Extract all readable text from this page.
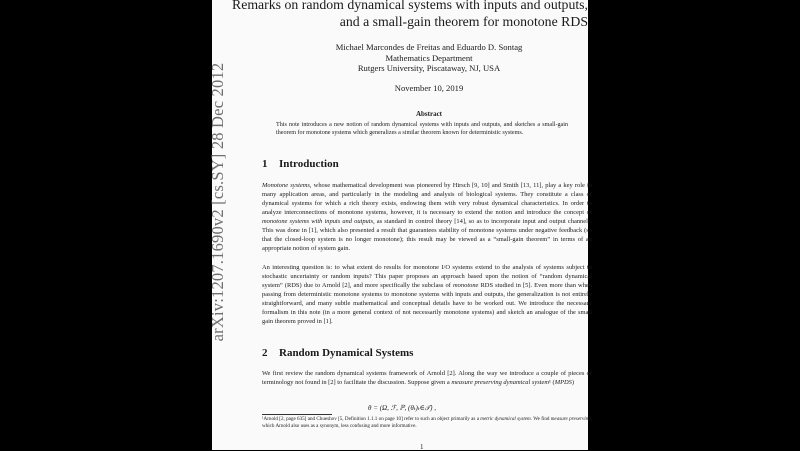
arXiv:1207.1690v2 [cs.SY] 28 Dec 2012
Remarks on random dynamical systems with inputs and outputs,
and a small-gain theorem for monotone RDS
Michael Marcondes de Freitas and Eduardo D. Sontag
Mathematics Department
Rutgers University, Piscataway, NJ, USA
November 10, 2019
Abstract
This note introduces a new notion of random dynamical systems with inputs and outputs, and sketches a small-gain theorem for monotone systems which generalizes a similar theorem known for deterministic systems.
1 Introduction
Monotone systems, whose mathematical development was pioneered by Hirsch [9, 10] and Smith [13, 11], play a key role in many application areas, and particularly in the modeling and analysis of biological systems. They constitute a class of dynamical systems for which a rich theory exists, endowing them with very robust dynamical characteristics. In order to analyze interconnections of monotone systems, however, it is necessary to extend the notion and introduce the concept of monotone systems with inputs and outputs, as standard in control theory [14], so as to incorporate input and output channels. This was done in [1], which also presented a result that guarantees stability of monotone systems under negative feedback (so that the closed-loop system is no longer monotone); this result may be viewed as a “small-gain theorem” in terms of an appropriate notion of system gain.
An interesting question is: to what extent do results for monotone I/O systems extend to the analysis of systems subject to stochastic uncertainty or random inputs? This paper proposes an approach based upon the notion of “random dynamical system” (RDS) due to Arnold [2], and more specifically the subclass of monotone RDS studied in [5]. Even more than when passing from deterministic monotone systems to monotone systems with inputs and outputs, the generalization is not entirely straightforward, and many subtle mathematical and conceptual details have to be worked out. We introduce the necessary formalism in this note (in a more general context of not necessarily monotone systems) and sketch an analogue of the small gain theorem proved in [1].
2 Random Dynamical Systems
We first review the random dynamical systems framework of Arnold [2]. Along the way we introduce a couple of pieces of terminology not found in [2] to facilitate the discussion. Suppose given a measure preserving dynamical system¹ (MPDS)
θ = (Ω, ℱ, ℙ, (θₜ)ₜ∈𝒯) ,
¹Arnold [2, page 635] and Chueshov [5, Definition 1.1.1 on page 10] refer to such an object primarily as a metric dynamical system. We find measure preserving, which Arnold also uses as a synonym, less confusing and more informative.
1
